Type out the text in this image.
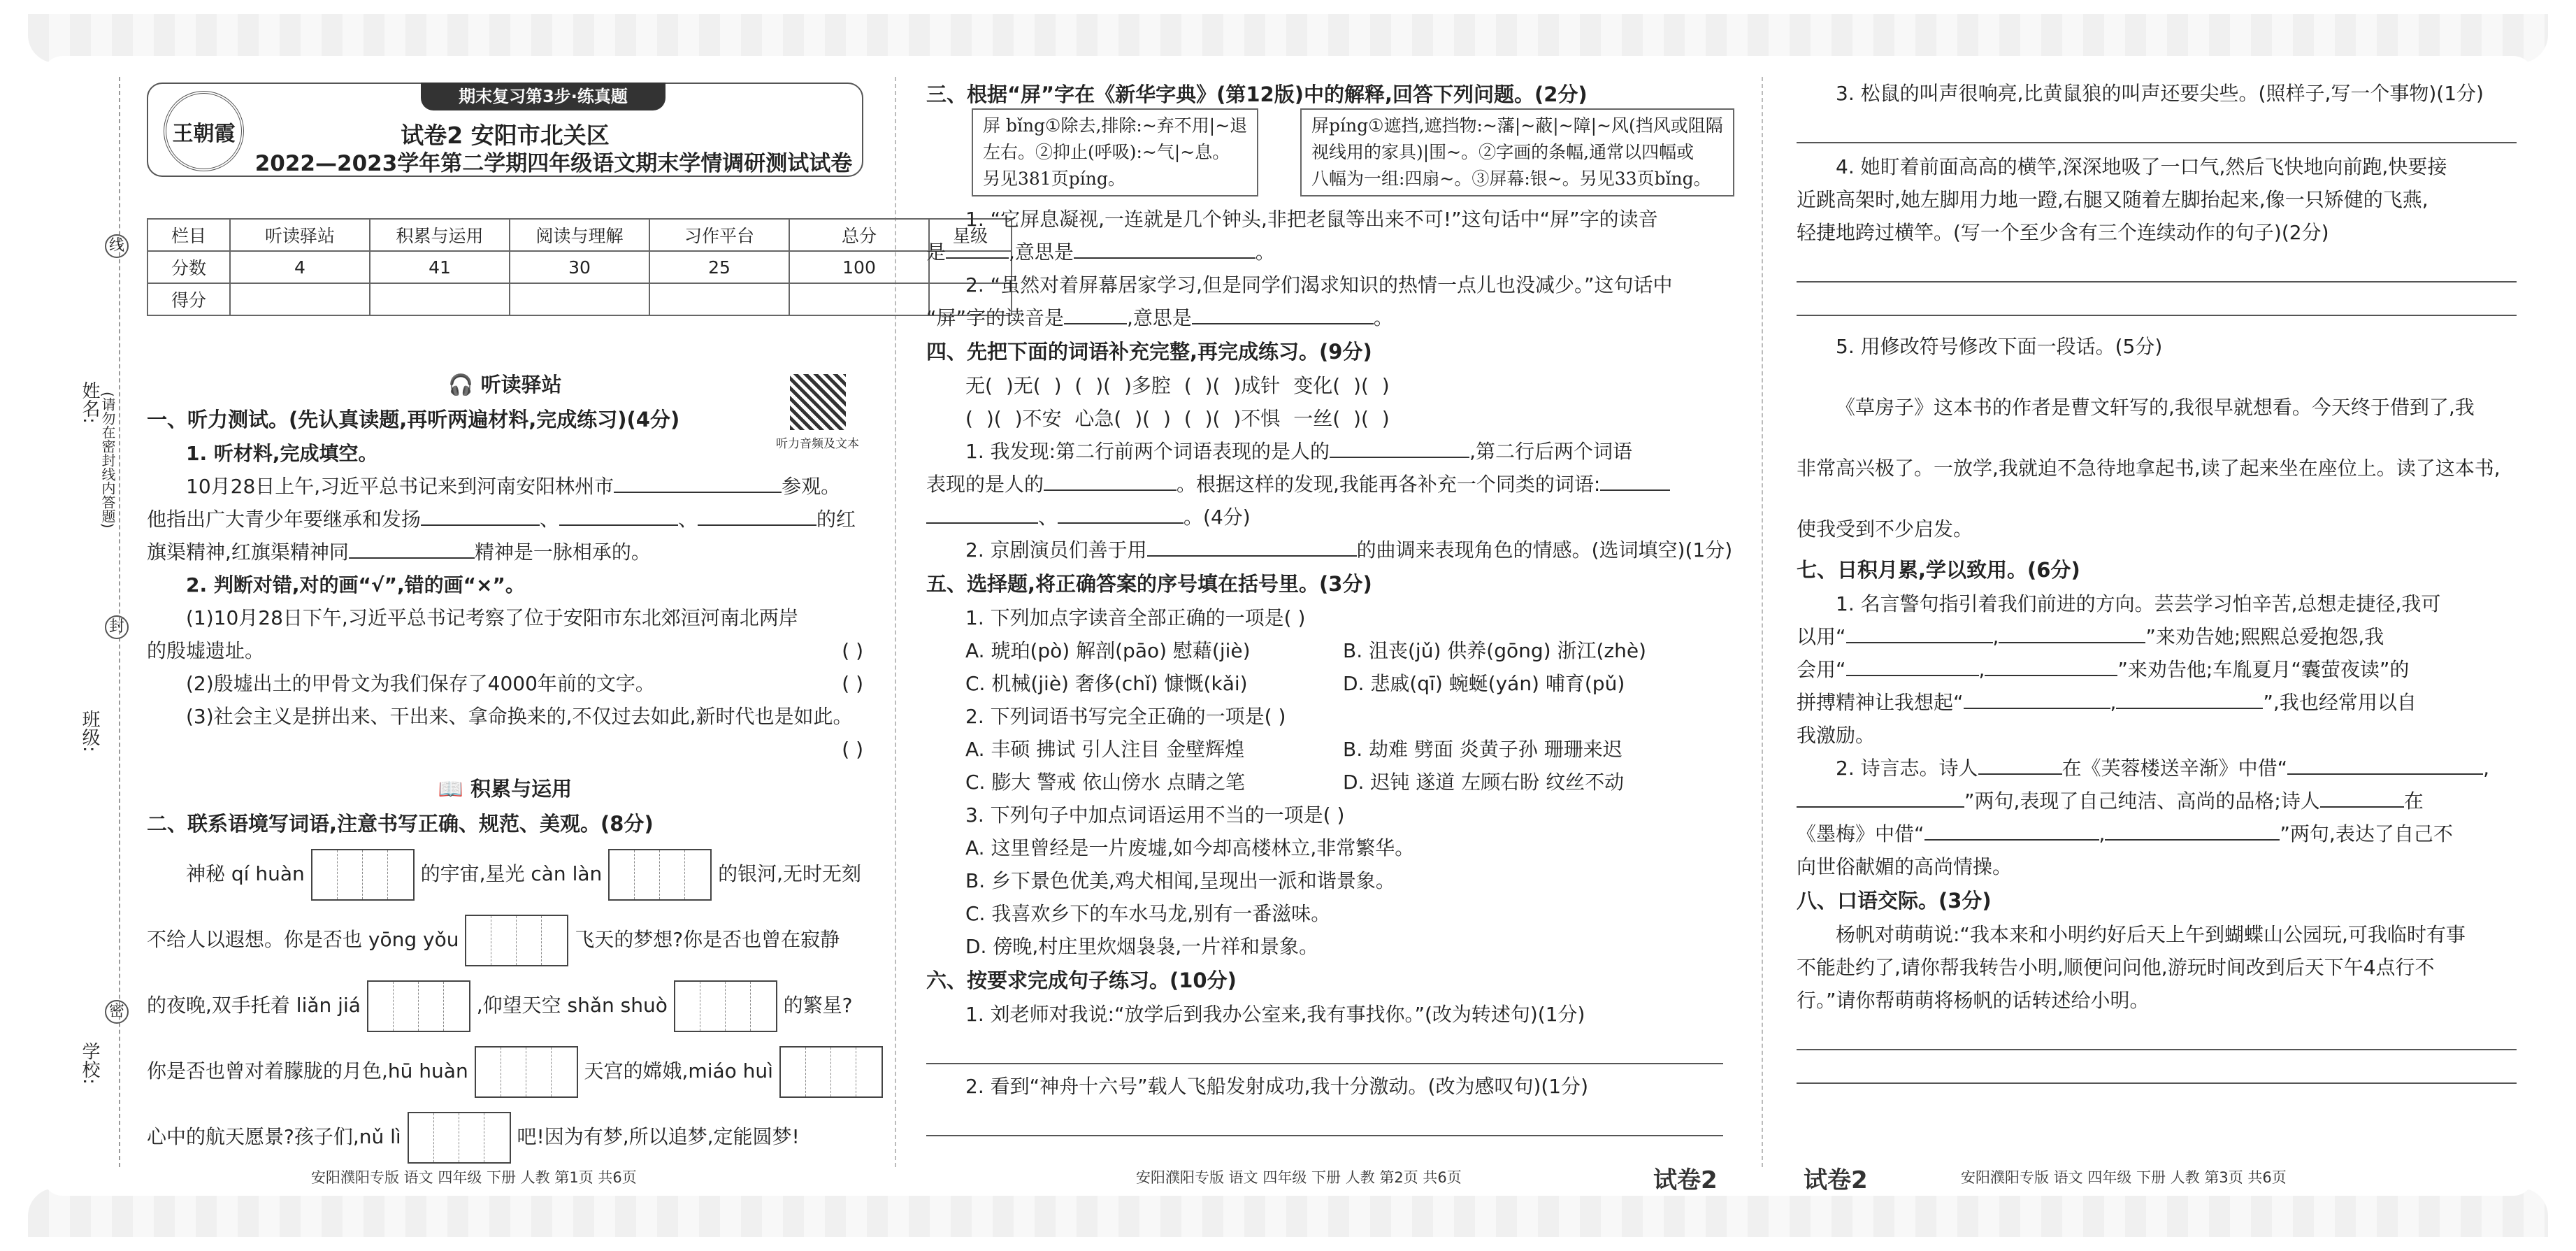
姓名:
班级:
学校:
(请勿在密封线内答题)
线
封
密
期末复习第3步·练真题
王朝霞	试卷2 安阳市北关区
2022—2023学年第二学期四年级语文期末学情调研测试试卷
栏目	听读驿站	积累与运用	阅读与理解	习作平台	总分	星级
分数	4	41	30	25	100	
得分						
听力音频及文本
🎧 听读驿站
一、听力测试。(先认真读题,再听两遍材料,完成练习)(4分)
1. 听材料,完成填空。
10月28日上午,习近平总书记来到河南安阳林州市	参观。
他指出广大青少年要继承和发扬	、	、	的红
旗渠精神,红旗渠精神同	精神是一脉相承的。
2. 判断对错,对的画“√”,错的画“×”。
(1)10月28日下午,习近平总书记考察了位于安阳市东北郊洹河南北两岸
的殷墟遗址。	( )
(2)殷墟出土的甲骨文为我们保存了4000年前的文字。	( )
(3)社会主义是拼出来、干出来、拿命换来的,不仅过去如此,新时代也是如此。
( )
📖 积累与运用
二、联系语境写词语,注意书写正确、规范、美观。(8分)
神秘 qí huàn	的宇宙,星光 càn làn	的银河,无时无刻
不给人以遐想。你是否也 yōng yǒu	飞天的梦想?你是否也曾在寂静
的夜晚,双手托着 liǎn jiá	,仰望天空 shǎn shuò	的繁星?
你是否也曾对着朦胧的月色,hū huàn	天宫的嫦娥,miáo huì
心中的航天愿景?孩子们,nǔ lì	吧!因为有梦,所以追梦,定能圆梦!
安阳濮阳专版 语文 四年级 下册 人教 第1页 共6页
三、根据“屏”字在《新华字典》(第12版)中的解释,回答下列问题。(2分)
屏 bǐng①除去,排除:~弃不用|~退
左右。②抑止(呼吸):~气|~息。
另见381页píng。
屏píng①遮挡,遮挡物:~藩|~蔽|~障|~风(挡风或阻隔
视线用的家具)|围~。②字画的条幅,通常以四幅或
八幅为一组:四扇~。③屏幕:银~。另见33页bǐng。
1. “它屏息凝视,一连就是几个钟头,非把老鼠等出来不可!”这句话中“屏”字的读音
是	,意思是	。
2. “虽然对着屏幕居家学习,但是同学们渴求知识的热情一点儿也没减少。”这句话中
“屏”字的读音是	,意思是	。
四、先把下面的词语补充完整,再完成练习。(9分)
无( )无( ) ( )( )多腔 ( )( )成针 变化( )( )
( )( )不安 心急( )( ) ( )( )不惧 一丝( )( )
1. 我发现:第二行前两个词语表现的是人的	,第二行后两个词语
表现的是人的	。根据这样的发现,我能再各补充一个同类的词语:
、	。(4分)
2. 京剧演员们善于用	的曲调来表现角色的情感。(选词填空)(1分)
五、选择题,将正确答案的序号填在括号里。(3分)
1. 下列加点字读音全部正确的一项是( )
A. 琥珀(pò) 解剖(pāo) 慰藉(jiè)	B. 沮丧(jǔ) 供养(gōng) 浙江(zhè)
C. 机械(jiè) 奢侈(chǐ) 慷慨(kǎi)	D. 悲戚(qī) 蜿蜒(yán) 哺育(pǔ)
2. 下列词语书写完全正确的一项是( )
A. 丰硕 拂试 引人注目 金壁辉煌	B. 劫难 劈面 炎黄子孙 珊珊来迟
C. 膨大 警戒 依山傍水 点睛之笔	D. 迟钝 遂道 左顾右盼 纹丝不动
3. 下列句子中加点词语运用不当的一项是( )
A. 这里曾经是一片废墟,如今却高楼林立,非常繁华。
B. 乡下景色优美,鸡犬相闻,呈现出一派和谐景象。
C. 我喜欢乡下的车水马龙,别有一番滋味。
D. 傍晚,村庄里炊烟袅袅,一片祥和景象。
六、按要求完成句子练习。(10分)
1. 刘老师对我说:“放学后到我办公室来,我有事找你。”(改为转述句)(1分)
2. 看到“神舟十六号”载人飞船发射成功,我十分激动。(改为感叹句)(1分)
安阳濮阳专版 语文 四年级 下册 人教 第2页 共6页	试卷2
3. 松鼠的叫声很响亮,比黄鼠狼的叫声还要尖些。(照样子,写一个事物)(1分)
4. 她盯着前面高高的横竿,深深地吸了一口气,然后飞快地向前跑,快要接
近跳高架时,她左脚用力地一蹬,右腿又随着左脚抬起来,像一只矫健的飞燕,
轻捷地跨过横竿。(写一个至少含有三个连续动作的句子)(2分)
5. 用修改符号修改下面一段话。(5分)
《草房子》这本书的作者是曹文轩写的,我很早就想看。今天终于借到了,我
非常高兴极了。一放学,我就迫不急待地拿起书,读了起来坐在座位上。读了这本书,
使我受到不少启发。
七、日积月累,学以致用。(6分)
1. 名言警句指引着我们前进的方向。芸芸学习怕辛苦,总想走捷径,我可
以用“	,	”来劝告她;熙熙总爱抱怨,我
会用“	,	”来劝告他;车胤夏月“囊萤夜读”的
拼搏精神让我想起“	,	”,我也经常用以自
我激励。
2. 诗言志。诗人	在《芙蓉楼送辛渐》中借“	,
”两句,表现了自己纯洁、高尚的品格;诗人	在
《墨梅》中借“	,	”两句,表达了自己不
向世俗献媚的高尚情操。
八、口语交际。(3分)
杨帆对萌萌说:“我本来和小明约好后天上午到蝴蝶山公园玩,可我临时有事
不能赴约了,请你帮我转告小明,顺便问问他,游玩时间改到后天下午4点行不
行。”请你帮萌萌将杨帆的话转述给小明。
试卷2	安阳濮阳专版 语文 四年级 下册 人教 第3页 共6页
